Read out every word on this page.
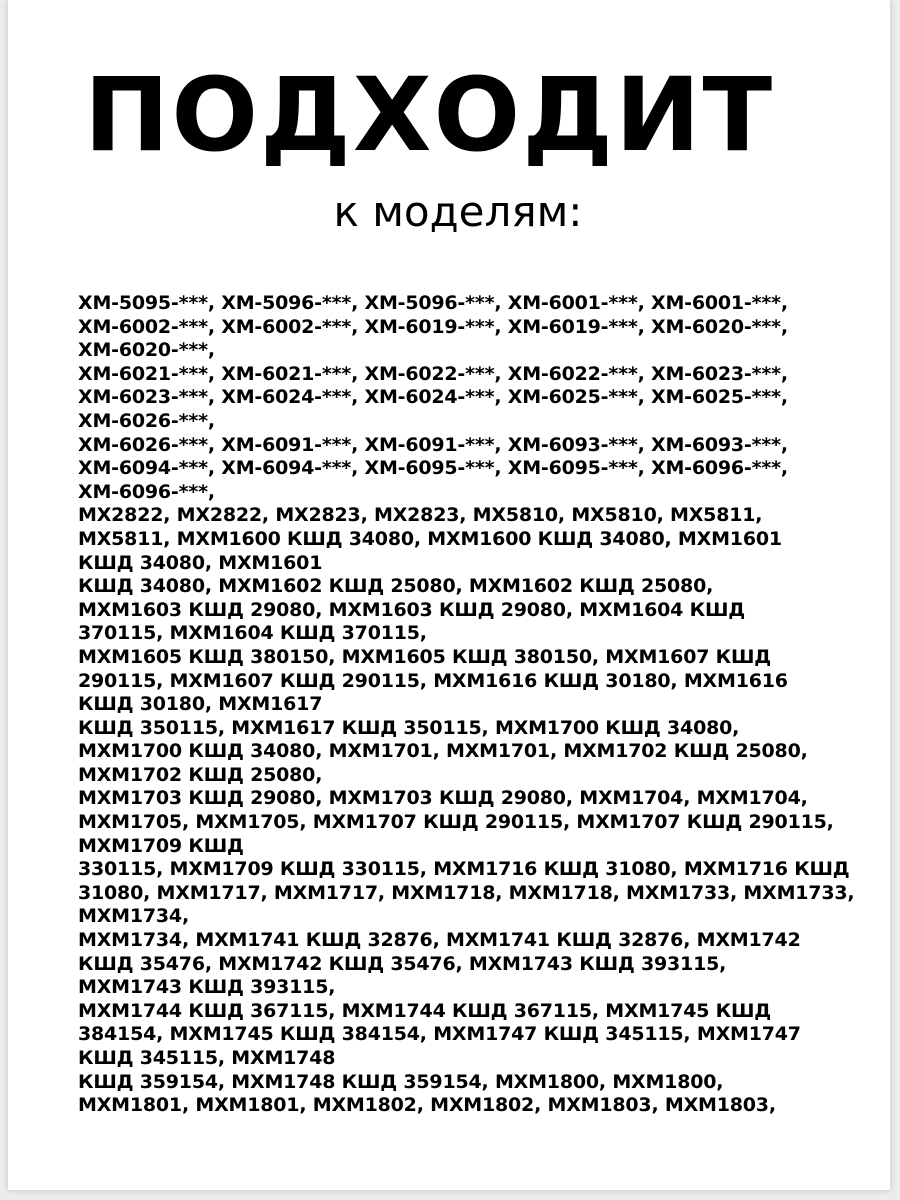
ПОДХОДИТ
к моделям:
XM-5095-***, XM-5096-***, XM-5096-***, XM-6001-***, XM-6001-***,
XM-6002-***, XM-6002-***, XM-6019-***, XM-6019-***, XM-6020-***,
XM-6020-***,
XM-6021-***, XM-6021-***, XM-6022-***, XM-6022-***, XM-6023-***,
XM-6023-***, XM-6024-***, XM-6024-***, XM-6025-***, XM-6025-***,
XM-6026-***,
XM-6026-***, XM-6091-***, XM-6091-***, XM-6093-***, XM-6093-***,
XM-6094-***, XM-6094-***, XM-6095-***, XM-6095-***, XM-6096-***,
XM-6096-***,
MX2822, MX2822, MX2823, MX2823, MX5810, MX5810, MX5811,
MX5811, MXM1600 КШД 34080, MXM1600 КШД 34080, MXM1601
КШД 34080, MXM1601
КШД 34080, MXM1602 КШД 25080, MXM1602 КШД 25080,
MXM1603 КШД 29080, MXM1603 КШД 29080, MXM1604 КШД
370115, MXM1604 КШД 370115,
MXM1605 КШД 380150, MXM1605 КШД 380150, MXM1607 КШД
290115, MXM1607 КШД 290115, MXM1616 КШД 30180, MXM1616
КШД 30180, MXM1617
КШД 350115, MXM1617 КШД 350115, MXM1700 КШД 34080,
MXM1700 КШД 34080, MXM1701, MXM1701, MXM1702 КШД 25080,
MXM1702 КШД 25080,
MXM1703 КШД 29080, MXM1703 КШД 29080, MXM1704, MXM1704,
MXM1705, MXM1705, MXM1707 КШД 290115, MXM1707 КШД 290115,
MXM1709 КШД
330115, MXM1709 КШД 330115, MXM1716 КШД 31080, MXM1716 КШД
31080, MXM1717, MXM1717, MXM1718, MXM1718, MXM1733, MXM1733,
MXM1734,
MXM1734, MXM1741 КШД 32876, MXM1741 КШД 32876, MXM1742
КШД 35476, MXM1742 КШД 35476, MXM1743 КШД 393115,
MXM1743 КШД 393115,
MXM1744 КШД 367115, MXM1744 КШД 367115, MXM1745 КШД
384154, MXM1745 КШД 384154, MXM1747 КШД 345115, MXM1747
КШД 345115, MXM1748
КШД 359154, MXM1748 КШД 359154, MXM1800, MXM1800,
MXM1801, MXM1801, MXM1802, MXM1802, MXM1803, MXM1803,
